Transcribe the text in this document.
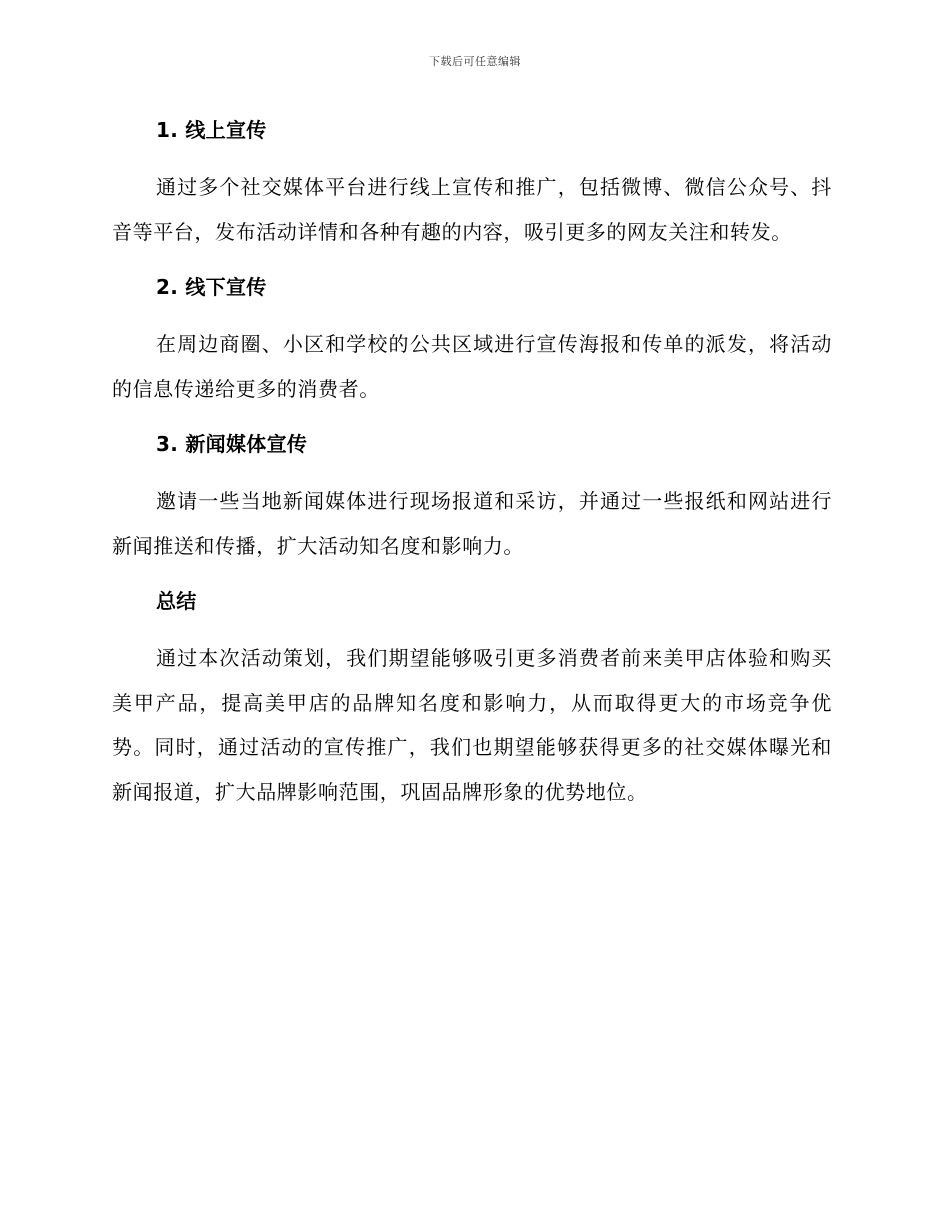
下载后可任意编辑
1. 线上宣传

通过多个社交媒体平台进行线上宣传和推广，包括微博、微信公众号、抖音等平台，发布活动详情和各种有趣的内容，吸引更多的网友关注和转发。

2. 线下宣传

在周边商圈、小区和学校的公共区域进行宣传海报和传单的派发，将活动的信息传递给更多的消费者。

3. 新闻媒体宣传

邀请一些当地新闻媒体进行现场报道和采访，并通过一些报纸和网站进行新闻推送和传播，扩大活动知名度和影响力。

总结

通过本次活动策划，我们期望能够吸引更多消费者前来美甲店体验和购买美甲产品，提高美甲店的品牌知名度和影响力，从而取得更大的市场竞争优势。同时，通过活动的宣传推广，我们也期望能够获得更多的社交媒体曝光和新闻报道，扩大品牌影响范围，巩固品牌形象的优势地位。
